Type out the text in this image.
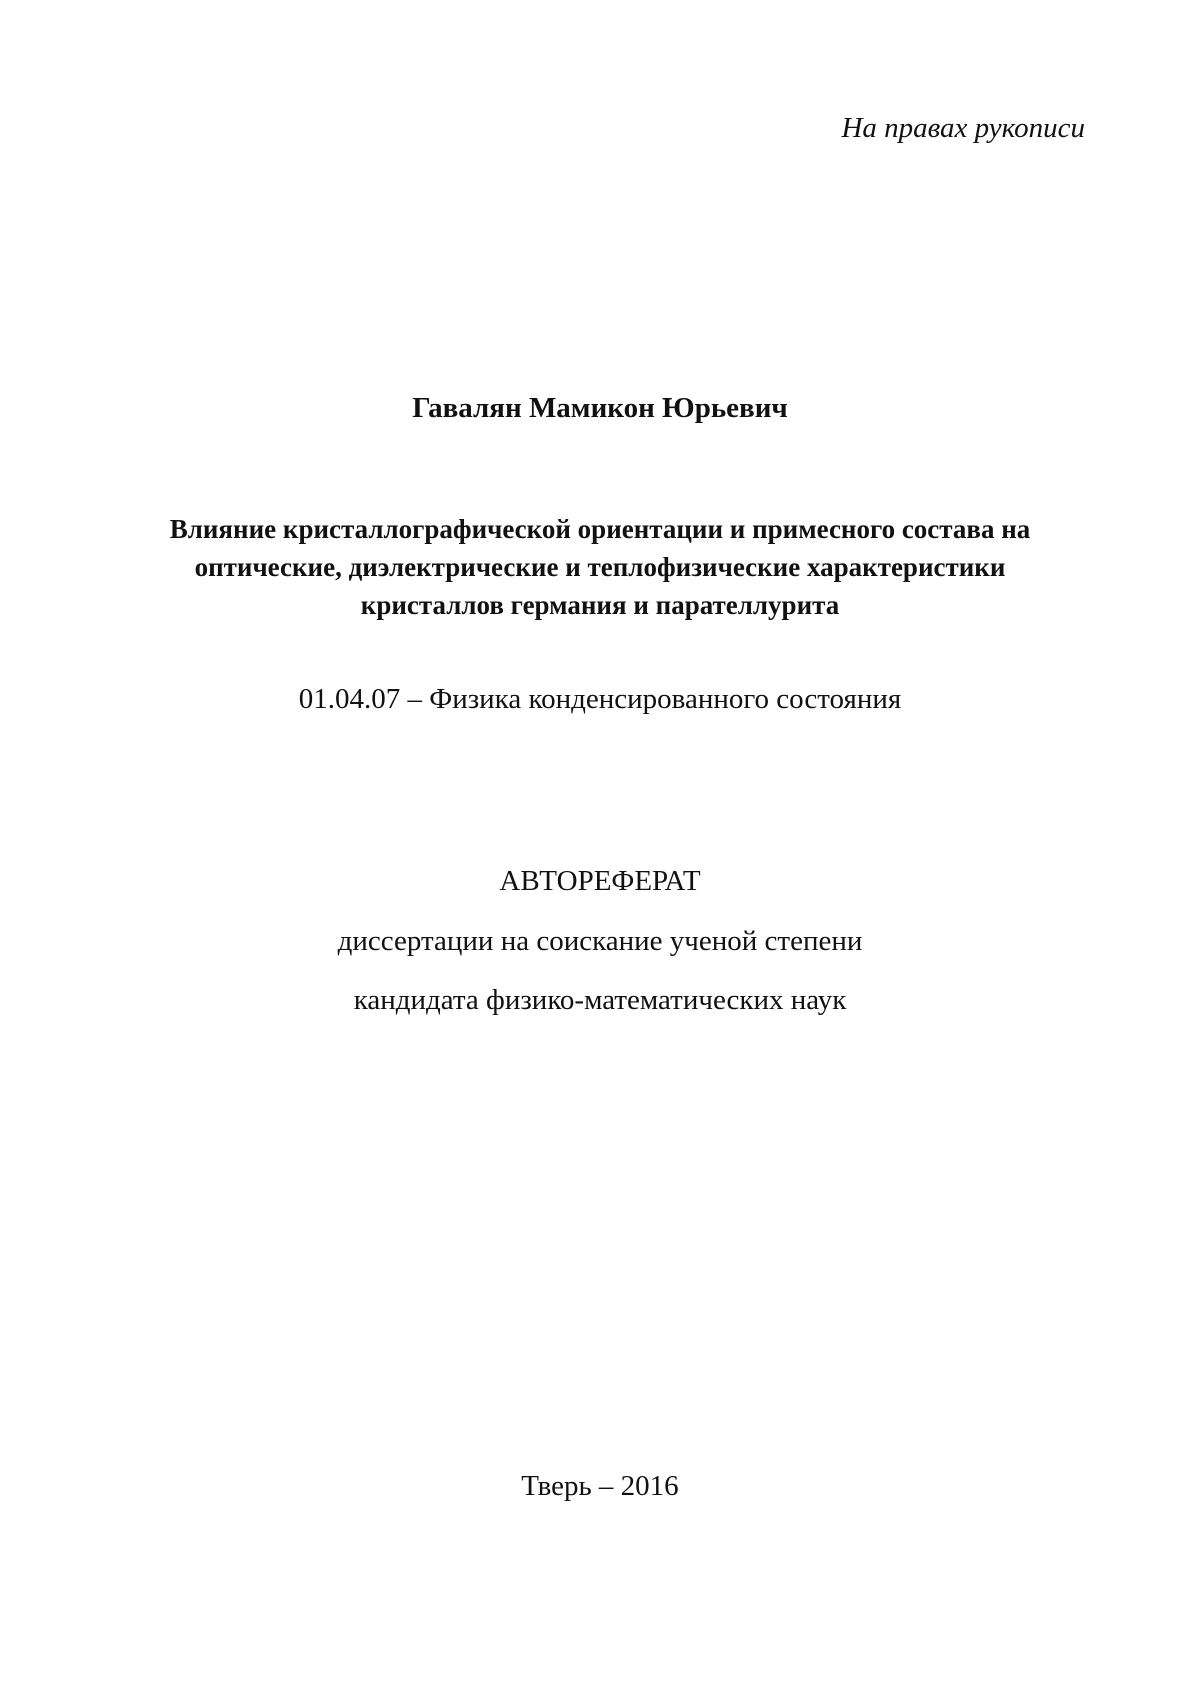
На правах рукописи
Гавалян Мамикон Юрьевич
Влияние кристаллографической ориентации и примесного состава на
оптические, диэлектрические и теплофизические характеристики
кристаллов германия и парателлурита
01.04.07 – Физика конденсированного состояния
АВТОРЕФЕРАТ
диссертации на соискание ученой степени
кандидата физико-математических наук
Тверь – 2016
